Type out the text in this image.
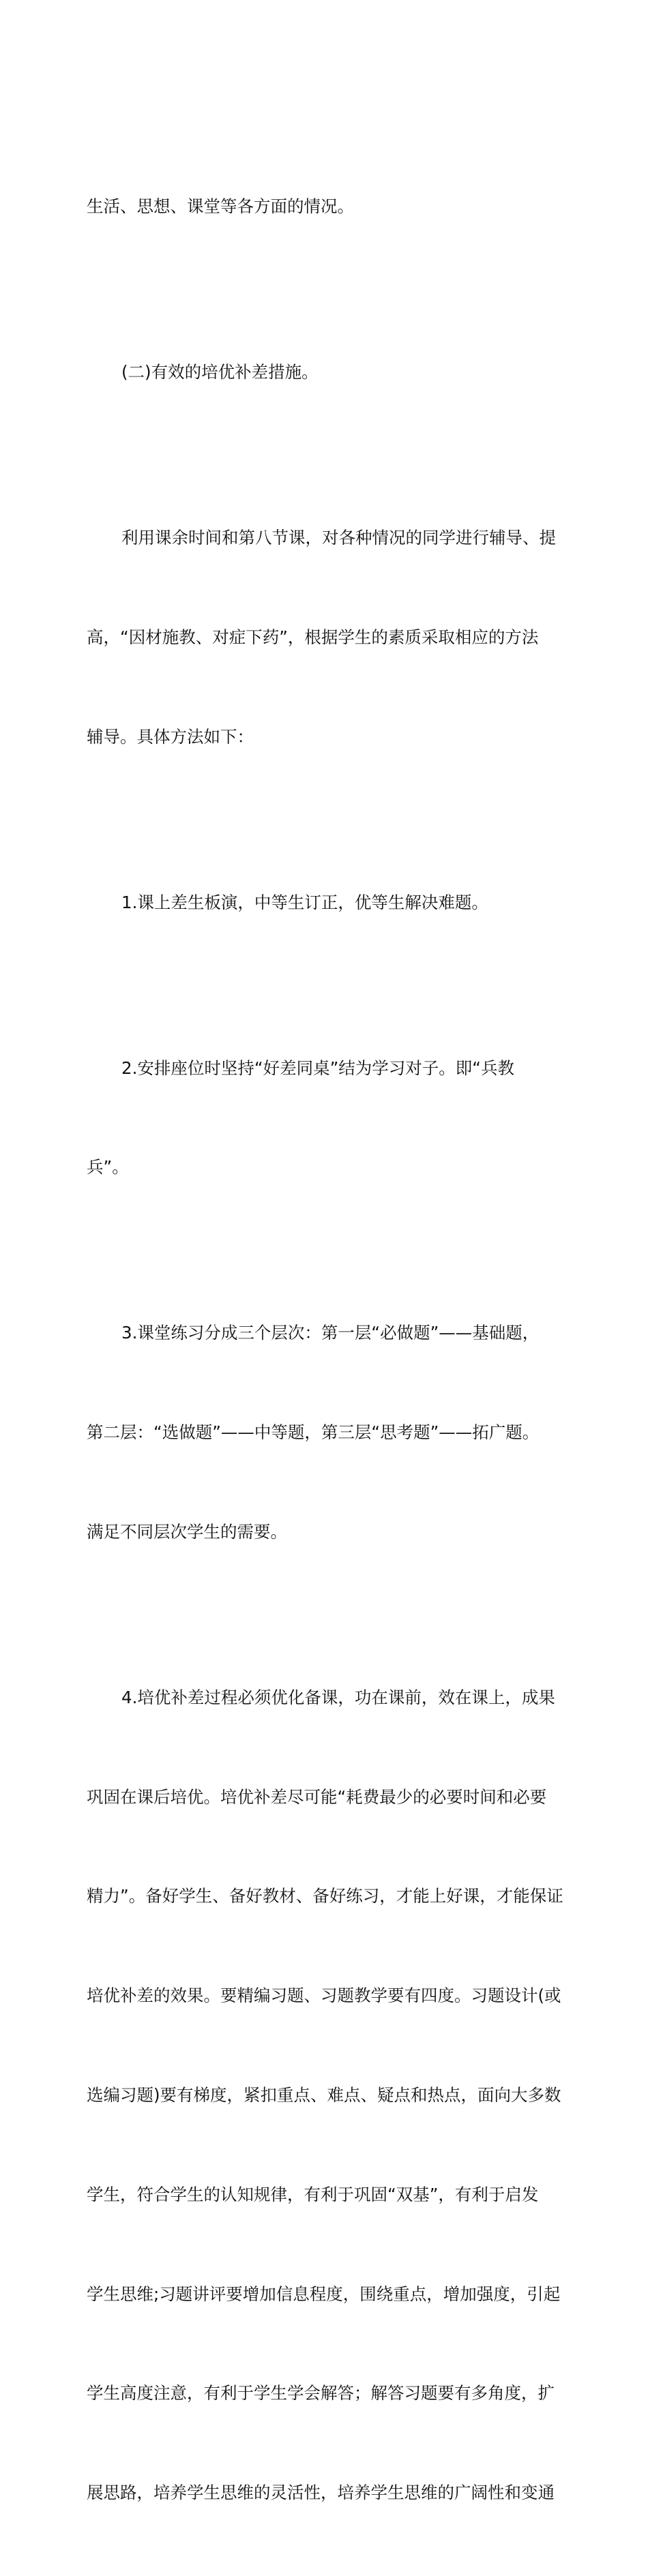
生活、思想、课堂等各方面的情况。

(二)有效的培优补差措施。

利用课余时间和第八节课，对各种情况的同学进行辅导、提

高，“因材施教、对症下药”，根据学生的素质采取相应的方法

辅导。具体方法如下：

1.课上差生板演，中等生订正，优等生解决难题。

2.安排座位时坚持“好差同桌”结为学习对子。即“兵教

兵”。

3.课堂练习分成三个层次：第一层“必做题”——基础题，

第二层：“选做题”——中等题，第三层“思考题”——拓广题。

满足不同层次学生的需要。

4.培优补差过程必须优化备课，功在课前，效在课上，成果

巩固在课后培优。培优补差尽可能“耗费最少的必要时间和必要

精力”。备好学生、备好教材、备好练习，才能上好课，才能保证

培优补差的效果。要精编习题、习题教学要有四度。习题设计(或

选编习题)要有梯度，紧扣重点、难点、疑点和热点，面向大多数

学生，符合学生的认知规律，有利于巩固“双基”，有利于启发

学生思维;习题讲评要增加信息程度，围绕重点，增加强度，引起

学生高度注意，有利于学生学会解答；解答习题要有多角度，扩

展思路，培养学生思维的灵活性，培养学生思维的广阔性和变通
